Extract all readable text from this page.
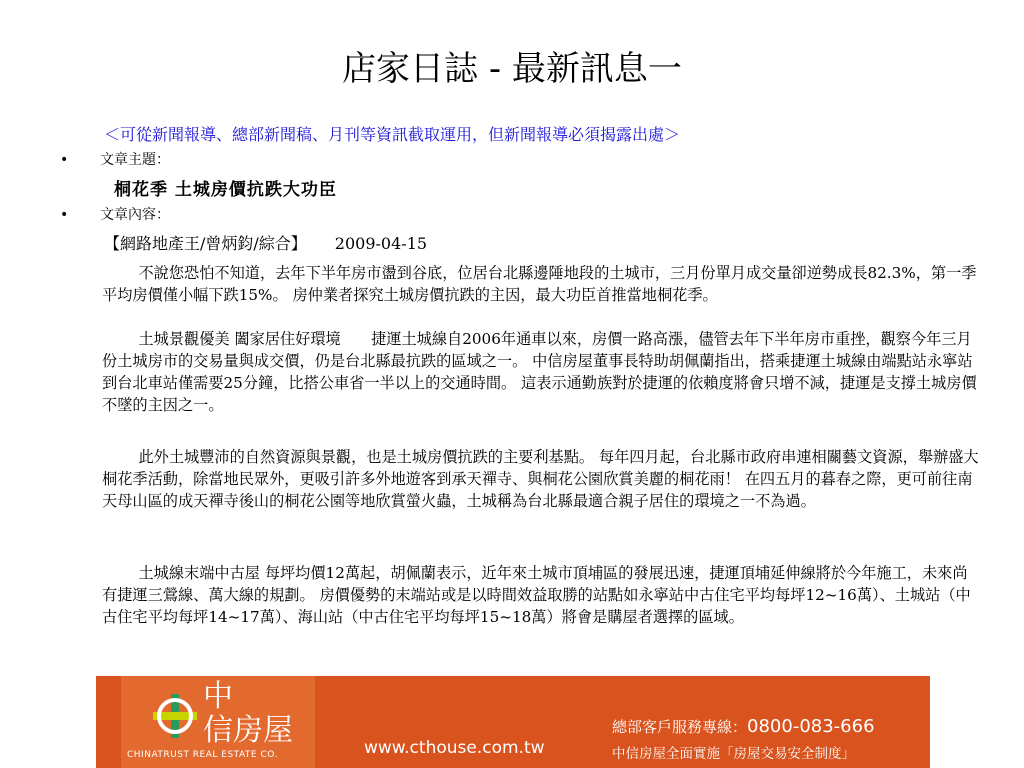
店家日誌 - 最新訊息一
＜可從新聞報導、總部新聞稿、月刊等資訊截取運用，但新聞報導必須揭露出處＞
• 文章主題：
桐花季 土城房價抗跌大功臣
• 文章內容：
【網路地產王/曾炳鈞/綜合】 2009-04-15
不說您恐怕不知道，去年下半年房市盪到谷底，位居台北縣邊陲地段的土城市，三月份單月成交量卻逆勢成長82.3%，第一季平均房價僅小幅下跌15%。 房仲業者探究土城房價抗跌的主因，最大功臣首推當地桐花季。
土城景觀優美 闔家居住好環境　　捷運土城線自2006年通車以來，房價一路高漲，儘管去年下半年房市重挫，觀察今年三月份土城房市的交易量與成交價，仍是台北縣最抗跌的區域之一。 中信房屋董事長特助胡佩蘭指出，搭乘捷運土城線由端點站永寧站到台北車站僅需要25分鐘，比搭公車省一半以上的交通時間。 這表示通勤族對於捷運的依賴度將會只增不減，捷運是支撐土城房價不墜的主因之一。
此外土城豐沛的自然資源與景觀，也是土城房價抗跌的主要利基點。 每年四月起，台北縣市政府串連相關藝文資源，舉辦盛大桐花季活動，除當地民眾外，更吸引許多外地遊客到承天禪寺、與桐花公園欣賞美麗的桐花雨！ 在四五月的暮春之際，更可前往南天母山區的成天禪寺後山的桐花公園等地欣賞螢火蟲，土城稱為台北縣最適合親子居住的環境之一不為過。
土城線末端中古屋 每坪均價12萬起，胡佩蘭表示，近年來土城市頂埔區的發展迅速，捷運頂埔延伸線將於今年施工，未來尚有捷運三鶯線、萬大線的規劃。 房價優勢的末端站或是以時間效益取勝的站點如永寧站中古住宅平均每坪12~16萬）、土城站（中古住宅平均每坪14~17萬）、海山站（中古住宅平均每坪15~18萬）將會是購屋者選擇的區域。
中
信房屋
CHINATRUST REAL ESTATE CO.	www.cthouse.com.tw
總部客戶服務專線：0800-083-666
中信房屋全面實施「房屋交易安全制度」
